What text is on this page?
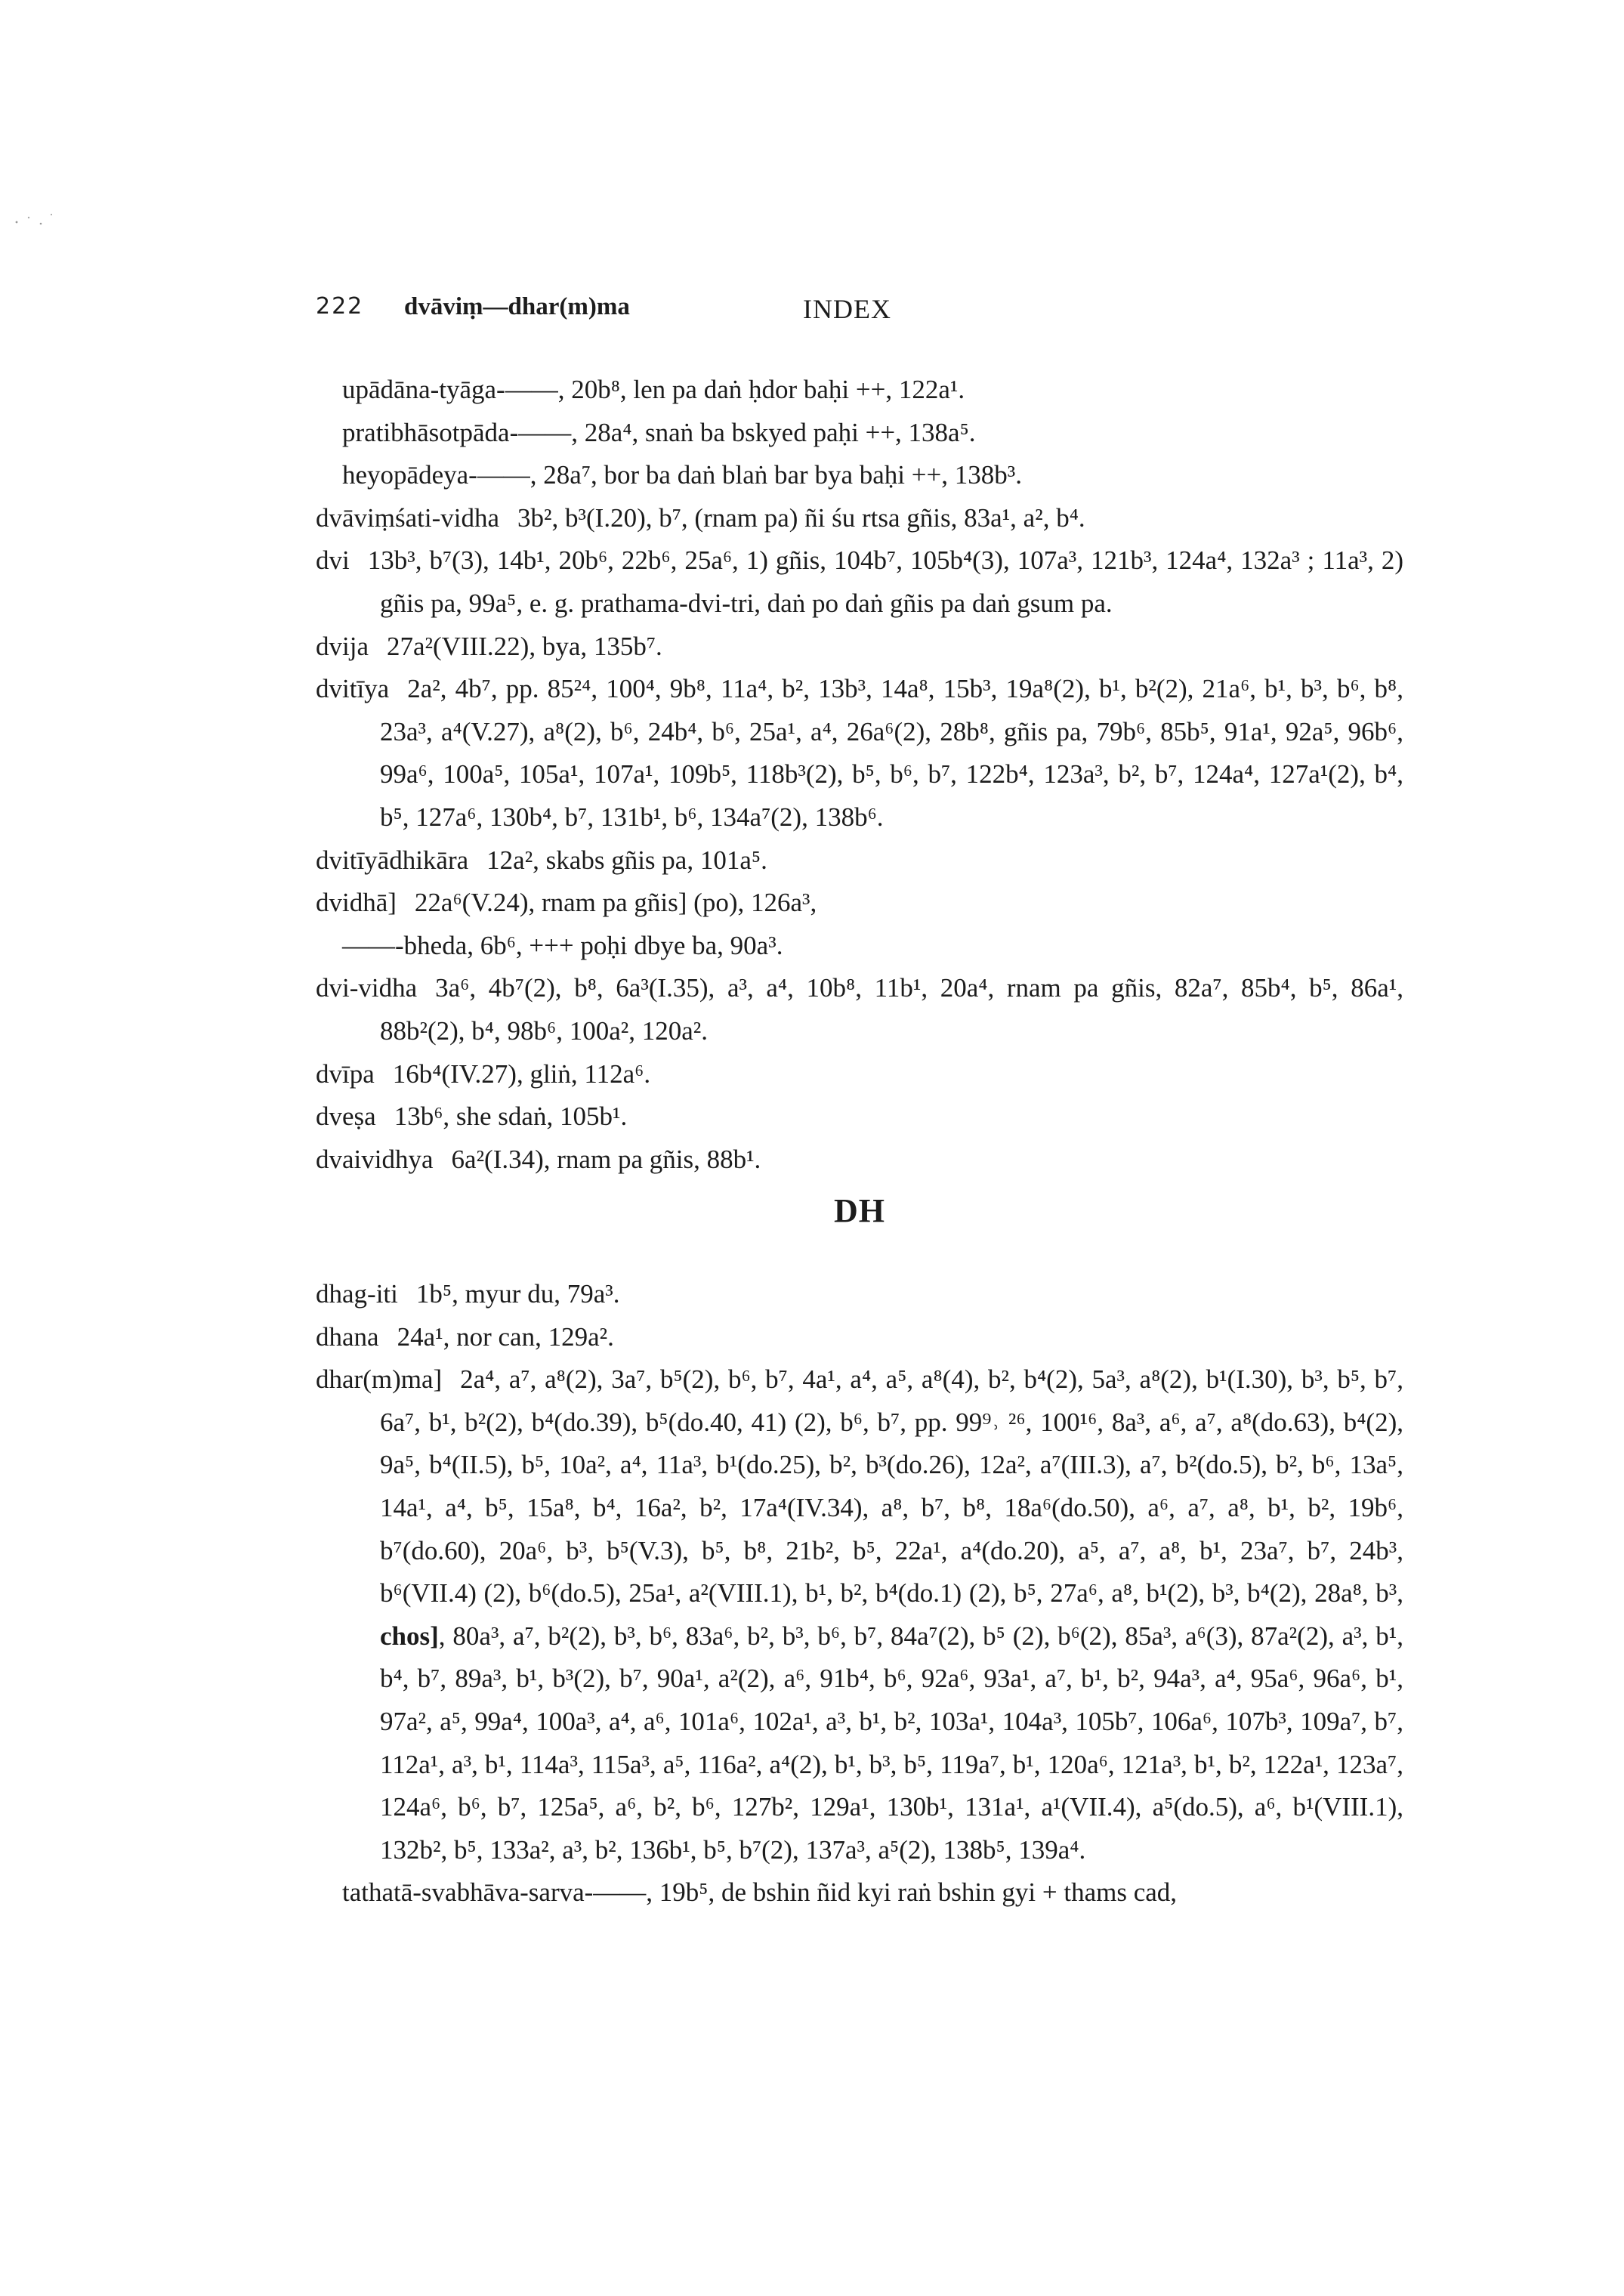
222 dvāviṃ—dhar(m)ma	INDEX

upādāna-tyāga-——, 20b⁸, len pa daṅ ḥdor baḥi ++, 122a¹.

pratibhāsotpāda-——, 28a⁴, snaṅ ba bskyed paḥi ++, 138a⁵.

heyopādeya-——, 28a⁷, bor ba daṅ blaṅ bar bya baḥi ++, 138b³.

dvāviṃśati-vidha 3b², b³(I.20), b⁷, (rnam pa) ñi śu rtsa gñis, 83a¹, a², b⁴.

dvi 13b³, b⁷(3), 14b¹, 20b⁶, 22b⁶, 25a⁶, 1) gñis, 104b⁷, 105b⁴(3), 107a³, 121b³, 124a⁴, 132a³ ; 11a³, 2) gñis pa, 99a⁵, e. g. prathama-dvi-tri, daṅ po daṅ gñis pa daṅ gsum pa.

dvija 27a²(VIII.22), bya, 135b⁷.

dvitīya 2a², 4b⁷, pp. 85²⁴, 100⁴, 9b⁸, 11a⁴, b², 13b³, 14a⁸, 15b³, 19a⁸(2), b¹, b²(2), 21a⁶, b¹, b³, b⁶, b⁸, 23a³, a⁴(V.27), a⁸(2), b⁶, 24b⁴, b⁶, 25a¹, a⁴, 26a⁶(2), 28b⁸, gñis pa, 79b⁶, 85b⁵, 91a¹, 92a⁵, 96b⁶, 99a⁶, 100a⁵, 105a¹, 107a¹, 109b⁵, 118b³(2), b⁵, b⁶, b⁷, 122b⁴, 123a³, b², b⁷, 124a⁴, 127a¹(2), b⁴, b⁵, 127a⁶, 130b⁴, b⁷, 131b¹, b⁶, 134a⁷(2), 138b⁶.

dvitīyādhikāra 12a², skabs gñis pa, 101a⁵.

dvidhā] 22a⁶(V.24), rnam pa gñis] (po), 126a³,

——-bheda, 6b⁶, +++ poḥi dbye ba, 90a³.

dvi-vidha 3a⁶, 4b⁷(2), b⁸, 6a³(I.35), a³, a⁴, 10b⁸, 11b¹, 20a⁴, rnam pa gñis, 82a⁷, 85b⁴, b⁵, 86a¹, 88b²(2), b⁴, 98b⁶, 100a², 120a².

dvīpa 16b⁴(IV.27), gliṅ, 112a⁶.

dveṣa 13b⁶, she sdaṅ, 105b¹.

dvaividhya 6a²(I.34), rnam pa gñis, 88b¹.

DH

dhag-iti 1b⁵, myur du, 79a³.

dhana 24a¹, nor can, 129a².

dhar(m)ma] 2a⁴, a⁷, a⁸(2), 3a⁷, b⁵(2), b⁶, b⁷, 4a¹, a⁴, a⁵, a⁸(4), b², b⁴(2), 5a³, a⁸(2), b¹(I.30), b³, b⁵, b⁷, 6a⁷, b¹, b²(2), b⁴(do.39), b⁵(do.40, 41) (2), b⁶, b⁷, pp. 99⁹˒ ²⁶, 100¹⁶, 8a³, a⁶, a⁷, a⁸(do.63), b⁴(2), 9a⁵, b⁴(II.5), b⁵, 10a², a⁴, 11a³, b¹(do.25), b², b³(do.26), 12a², a⁷(III.3), a⁷, b²(do.5), b², b⁶, 13a⁵, 14a¹, a⁴, b⁵, 15a⁸, b⁴, 16a², b², 17a⁴(IV.34), a⁸, b⁷, b⁸, 18a⁶(do.50), a⁶, a⁷, a⁸, b¹, b², 19b⁶, b⁷(do.60), 20a⁶, b³, b⁵(V.3), b⁵, b⁸, 21b², b⁵, 22a¹, a⁴(do.20), a⁵, a⁷, a⁸, b¹, 23a⁷, b⁷, 24b³, b⁶(VII.4) (2), b⁶(do.5), 25a¹, a²(VIII.1), b¹, b², b⁴(do.1) (2), b⁵, 27a⁶, a⁸, b¹(2), b³, b⁴(2), 28a⁸, b³, chos], 80a³, a⁷, b²(2), b³, b⁶, 83a⁶, b², b³, b⁶, b⁷, 84a⁷(2), b⁵ (2), b⁶(2), 85a³, a⁶(3), 87a²(2), a³, b¹, b⁴, b⁷, 89a³, b¹, b³(2), b⁷, 90a¹, a²(2), a⁶, 91b⁴, b⁶, 92a⁶, 93a¹, a⁷, b¹, b², 94a³, a⁴, 95a⁶, 96a⁶, b¹, 97a², a⁵, 99a⁴, 100a³, a⁴, a⁶, 101a⁶, 102a¹, a³, b¹, b², 103a¹, 104a³, 105b⁷, 106a⁶, 107b³, 109a⁷, b⁷, 112a¹, a³, b¹, 114a³, 115a³, a⁵, 116a², a⁴(2), b¹, b³, b⁵, 119a⁷, b¹, 120a⁶, 121a³, b¹, b², 122a¹, 123a⁷, 124a⁶, b⁶, b⁷, 125a⁵, a⁶, b², b⁶, 127b², 129a¹, 130b¹, 131a¹, a¹(VII.4), a⁵(do.5), a⁶, b¹(VIII.1), 132b², b⁵, 133a², a³, b², 136b¹, b⁵, b⁷(2), 137a³, a⁵(2), 138b⁵, 139a⁴.

tathatā-svabhāva-sarva-——, 19b⁵, de bshin ñid kyi raṅ bshin gyi + thams cad,
